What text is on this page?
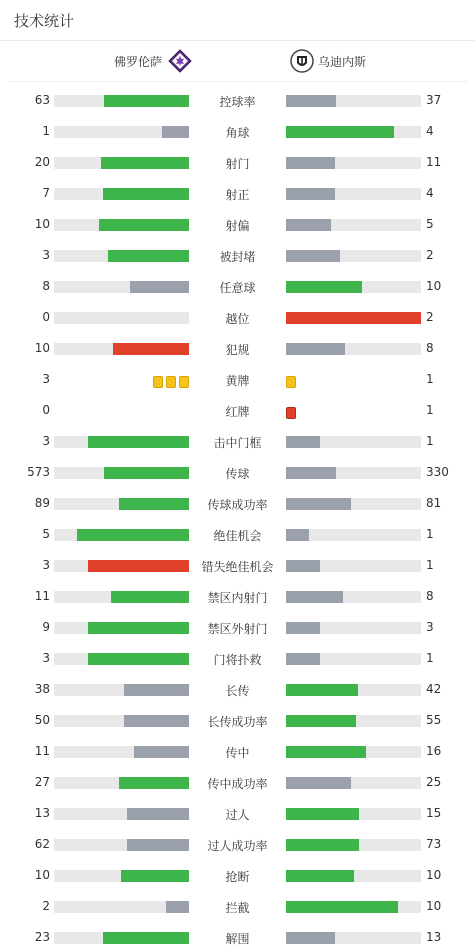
技术统计
佛罗伦萨	乌迪内斯
63	控球率	37
1	角球	4
20	射门	11
7	射正	4
10	射偏	5
3	被封堵	2
8	任意球	10
0	越位	2
10	犯规	8
3	黄牌	1
0	红牌	1
3	击中门框	1
573	传球	330
89	传球成功率	81
5	绝佳机会	1
3	错失绝佳机会	1
11	禁区内射门	8
9	禁区外射门	3
3	门将扑救	1
38	长传	42
50	长传成功率	55
11	传中	16
27	传中成功率	25
13	过人	15
62	过人成功率	73
10	抢断	10
2	拦截	10
23	解围	13
